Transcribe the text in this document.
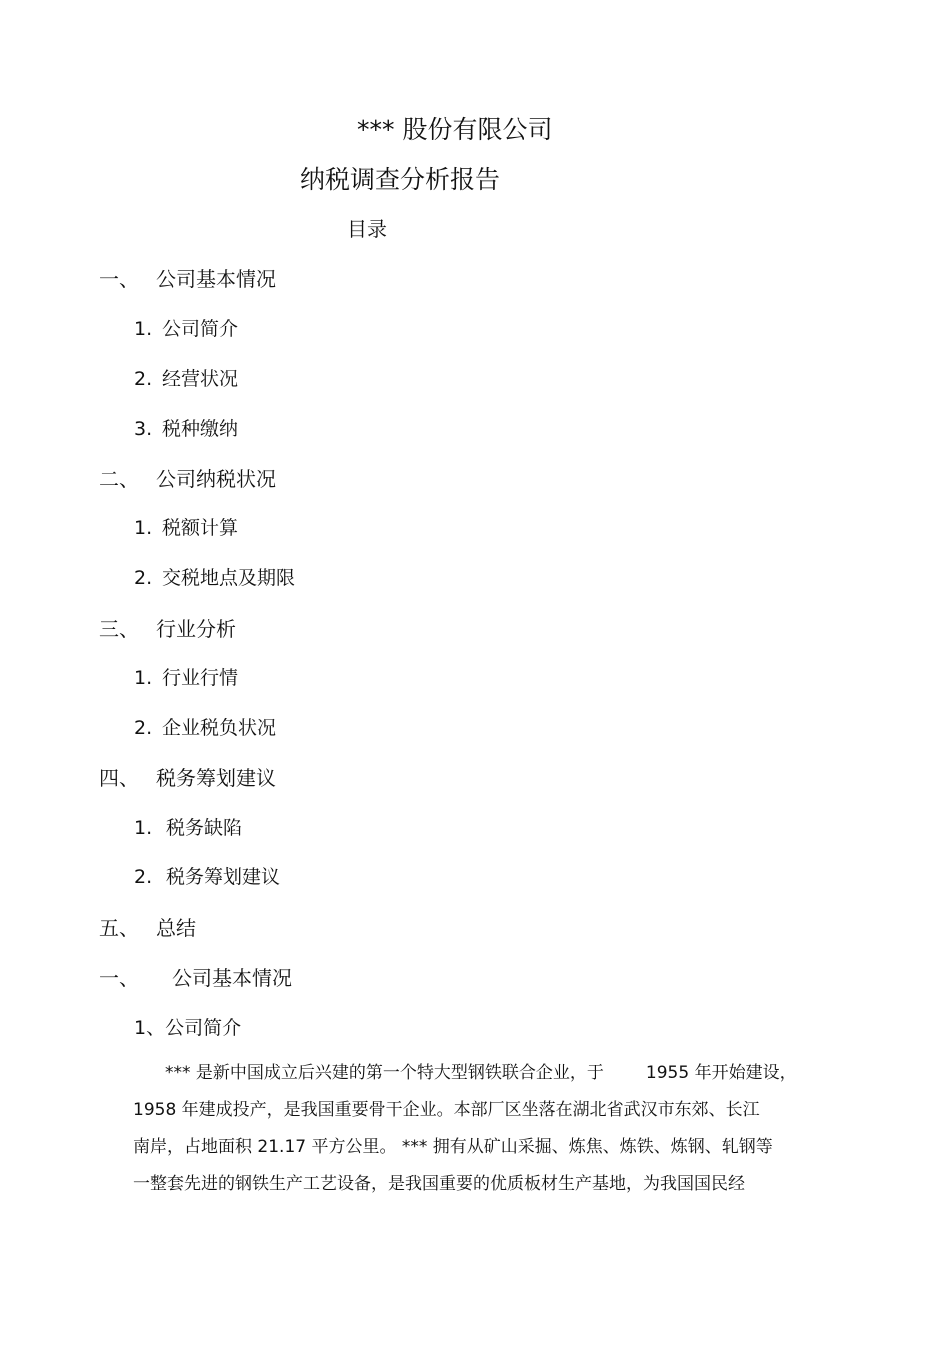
*** 股份有限公司
纳税调查分析报告
目录
一、 公司基本情况
1. 公司简介
2. 经营状况
3. 税种缴纳
二、 公司纳税状况
1. 税额计算
2. 交税地点及期限
三、 行业分析
1. 行业行情
2. 企业税负状况
四、 税务筹划建议
1. 税务缺陷
2. 税务筹划建议
五、 总结
一、 公司基本情况
1、公司简介
*** 是新中国成立后兴建的第一个特大型钢铁联合企业，于 1955 年开始建设，
1958 年建成投产，是我国重要骨干企业。本部厂区坐落在湖北省武汉市东郊、长江
南岸，占地面积 21.17 平方公里。 *** 拥有从矿山采掘、炼焦、炼铁、炼钢、轧钢等
一整套先进的钢铁生产工艺设备，是我国重要的优质板材生产基地，为我国国民经
